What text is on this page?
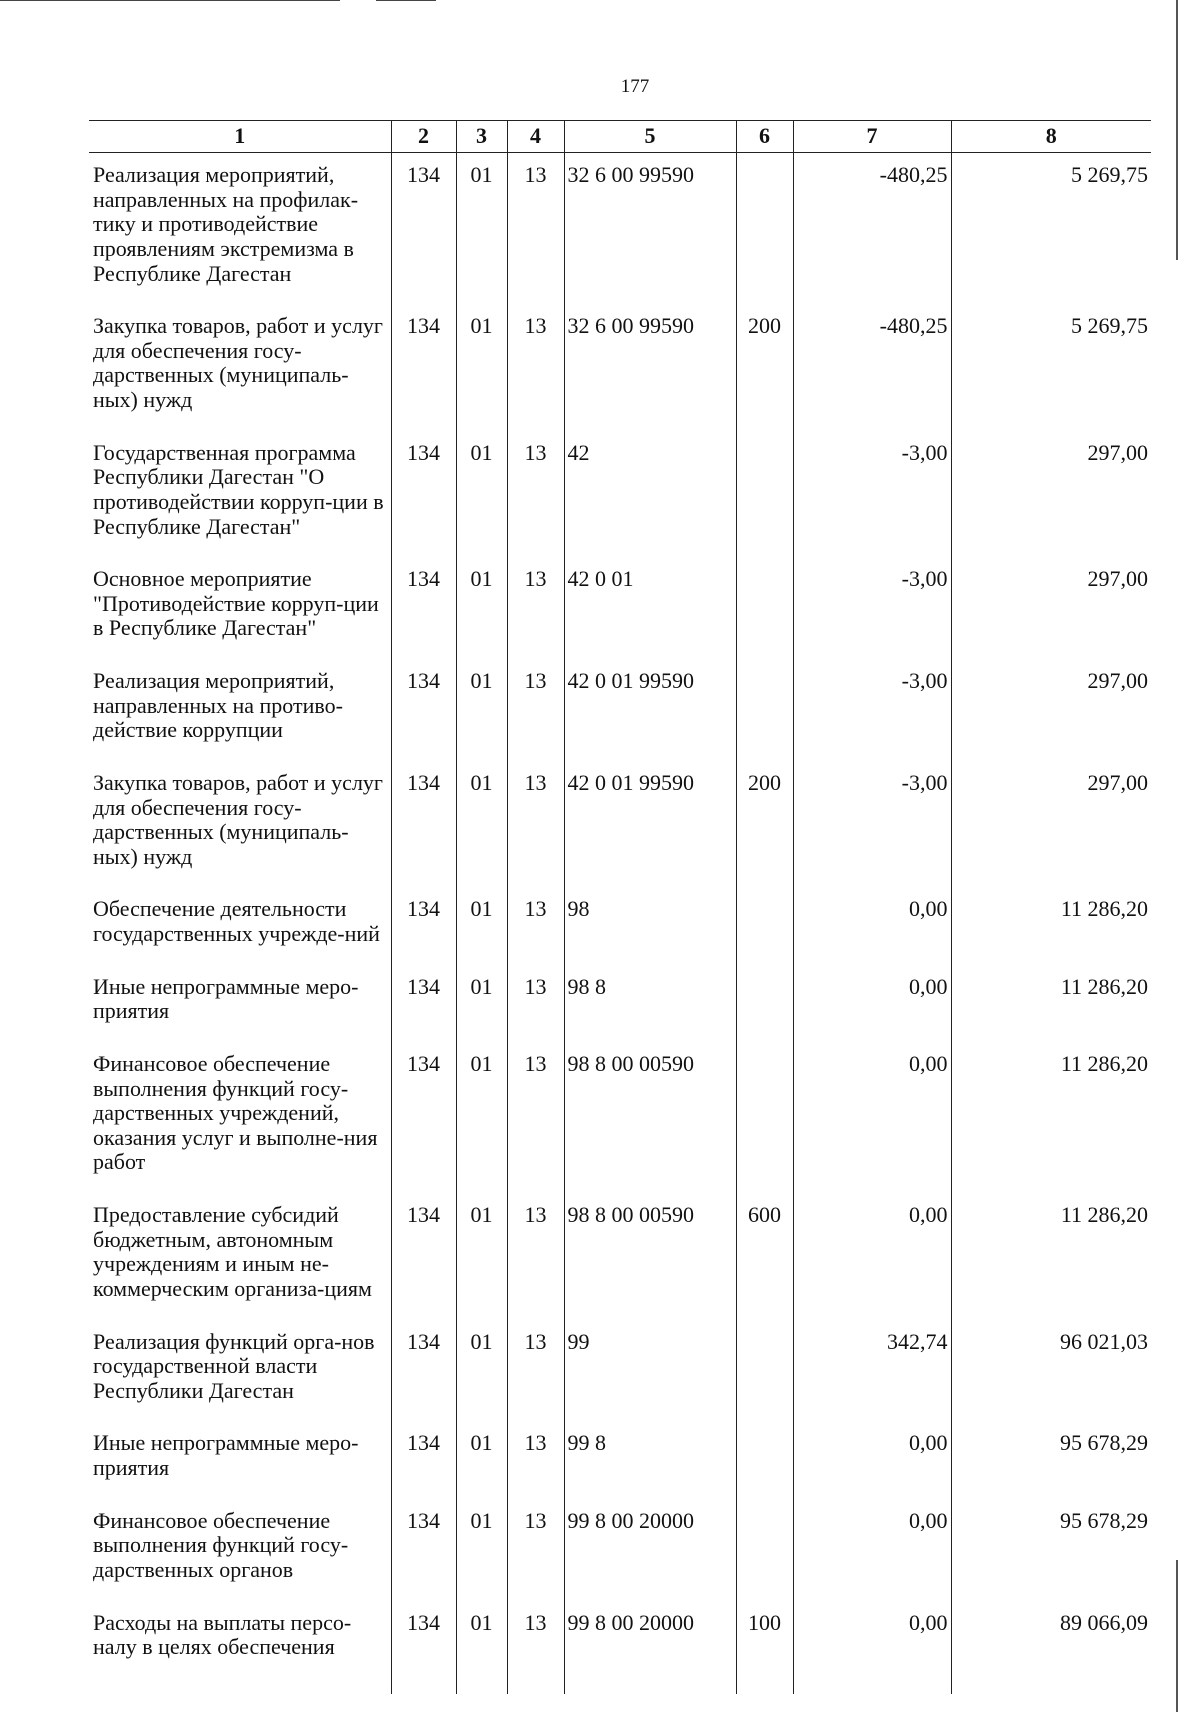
177
1	2	3	4	5	6	7	8
Реализация мероприятий, направленных на профилак-тику и противодействие проявлениям экстремизма в Республике Дагестан	134	01	13	32 6 00 99590		-480,25	5 269,75
Закупка товаров, работ и услуг для обеспечения госу-дарственных (муниципаль-ных) нужд	134	01	13	32 6 00 99590	200	-480,25	5 269,75
Государственная программа Республики Дагестан "О противодействии корруп-ции в Республике Дагестан"	134	01	13	42		-3,00	297,00
Основное мероприятие "Противодействие корруп-ции в Республике Дагестан"	134	01	13	42 0 01		-3,00	297,00
Реализация мероприятий, направленных на противо-действие коррупции	134	01	13	42 0 01 99590		-3,00	297,00
Закупка товаров, работ и услуг для обеспечения госу-дарственных (муниципаль-ных) нужд	134	01	13	42 0 01 99590	200	-3,00	297,00
Обеспечение деятельности государственных учрежде-ний	134	01	13	98		0,00	11 286,20
Иные непрограммные меро-приятия	134	01	13	98 8		0,00	11 286,20
Финансовое обеспечение выполнения функций госу-дарственных учреждений, оказания услуг и выполне-ния работ	134	01	13	98 8 00 00590		0,00	11 286,20
Предоставление субсидий бюджетным, автономным учреждениям и иным не-коммерческим организа-циям	134	01	13	98 8 00 00590	600	0,00	11 286,20
Реализация функций орга-нов государственной власти Республики Дагестан	134	01	13	99		342,74	96 021,03
Иные непрограммные меро-приятия	134	01	13	99 8		0,00	95 678,29
Финансовое обеспечение выполнения функций госу-дарственных органов	134	01	13	99 8 00 20000		0,00	95 678,29
Расходы на выплаты персо-налу в целях обеспечения	134	01	13	99 8 00 20000	100	0,00	89 066,09
